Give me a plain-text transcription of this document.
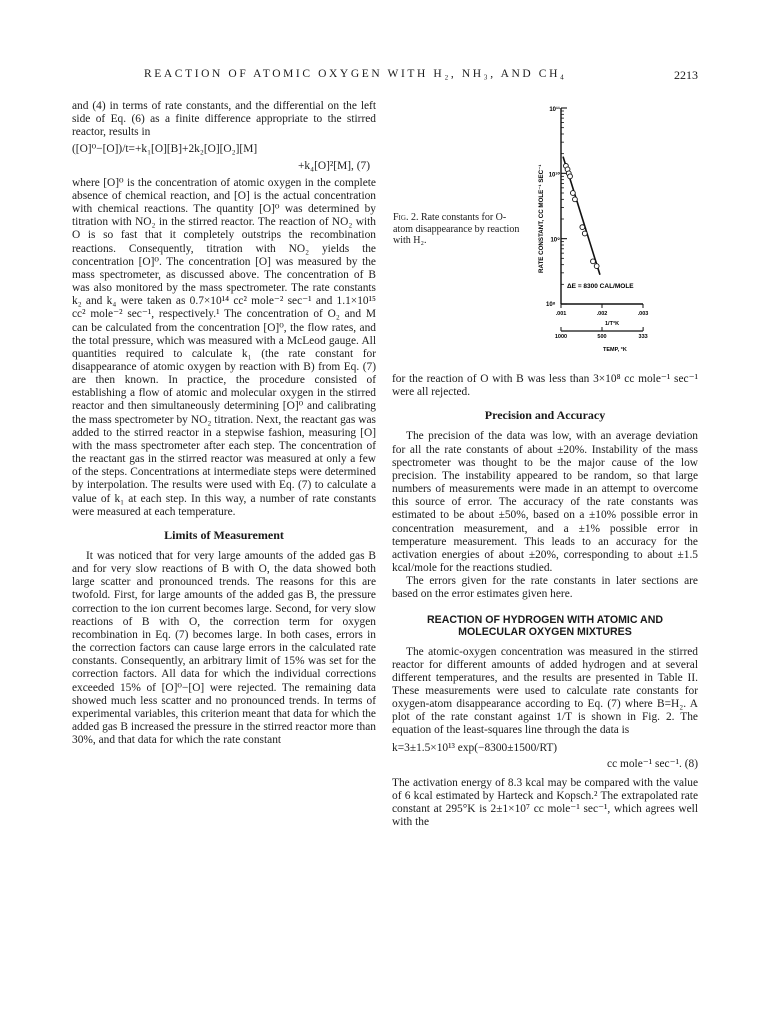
REACTION OF ATOMIC OXYGEN WITH H₂, NH₃, AND CH₄	2213

and (4) in terms of rate constants, and the differential on the left side of Eq. (6) as a finite difference appropriate to the stirred reactor, results in

([O]⁰−[O])/t=+k₁[O][B]+2k₂[O][O₂][M]
+k₄[O]²[M], (7)

where [O]⁰ is the concentration of atomic oxygen in the complete absence of chemical reaction, and [O] is the actual concentration with chemical reactions. The quantity [O]⁰ was determined by titration with NO₂ in the stirred reactor. The reaction of NO₂ with O is so fast that it completely outstrips the recombination reactions. Consequently, titration with NO₂ yields the concentration [O]⁰. The concentration [O] was measured by the mass spectrometer, as discussed above. The concentration of B was also monitored by the mass spectrometer. The rate constants k₂ and k₄ were taken as 0.7×10¹⁴ cc² mole⁻² sec⁻¹ and 1.1×10¹⁵ cc² mole⁻² sec⁻¹, respectively.¹ The concentration of O₂ and M can be calculated from the concentration [O]⁰, the flow rates, and the total pressure, which was measured with a McLeod gauge. All quantities required to calculate k₁ (the rate constant for disappearance of atomic oxygen by reaction with B) from Eq. (7) are then known. In practice, the procedure consisted of establishing a flow of atomic and molecular oxygen in the stirred reactor and then simultaneously determining [O]⁰ and calibrating the mass spectrometer by NO₂ titration. Next, the reactant gas was added to the stirred reactor in a stepwise fashion, measuring [O] with the mass spectrometer after each step. The concentration of the reactant gas in the stirred reactor was measured at only a few of the steps. Concentrations at intermediate steps were determined by interpolation. The results were used with Eq. (7) to calculate a value of k₁ at each step. In this way, a number of rate constants were measured at each temperature.

Limits of Measurement

It was noticed that for very large amounts of the added gas B and for very slow reactions of B with O, the data showed both large scatter and pronounced trends. The reasons for this are twofold. First, for large amounts of the added gas B, the pressure correction to the ion current becomes large. Second, for very slow reactions of B with O, the correction term for oxygen recombination in Eq. (7) becomes large. In both cases, errors in the correction factors can cause large errors in the calculated rate constants. Consequently, an arbitrary limit of 15% was set for the correction factors. All data for which the individual corrections exceeded 15% of [O]⁰−[O] were rejected. The remaining data showed much less scatter and no pronounced trends. In terms of experimental variables, this criterion meant that data for which the added gas B increased the pressure in the stirred reactor more than 30%, and that data for which the rate constant

Fig. 2. Rate constants for O-atom disappearance by reaction with H₂.
10¹¹
10¹⁰
10⁹
10⁸
.001	.002	.003
1000	500	333
RATE CONSTANT, CC MOLE⁻¹ SEC⁻¹
ΔE = 8300 CAL/MOLE
1/T°K
TEMP, °K

for the reaction of O with B was less than 3×10⁸ cc mole⁻¹ sec⁻¹ were all rejected.

Precision and Accuracy

The precision of the data was low, with an average deviation for all the rate constants of about ±20%. Instability of the mass spectrometer was thought to be the major cause of the low precision. The instability appeared to be random, so that large numbers of measurements were made in an attempt to overcome this source of error. The accuracy of the rate constants was estimated to be about ±50%, based on a ±10% possible error in concentration measurement, and a ±1% possible error in temperature measurement. This leads to an accuracy for the activation energies of about ±20%, corresponding to about ±1.5 kcal/mole for the reactions studied.

The errors given for the rate constants in later sections are based on the error estimates given here.

REACTION OF HYDROGEN WITH ATOMIC AND MOLECULAR OXYGEN MIXTURES

The atomic-oxygen concentration was measured in the stirred reactor for different amounts of added hydrogen and at several different temperatures, and the results are presented in Table II. These measurements were used to calculate rate constants for oxygen-atom disappearance according to Eq. (7) where B=H₂. A plot of the rate constant against 1/T is shown in Fig. 2. The equation of the least-squares line through the data is

k=3±1.5×10¹³ exp(−8300±1500/RT)
cc mole⁻¹ sec⁻¹. (8)

The activation energy of 8.3 kcal may be compared with the value of 6 kcal estimated by Harteck and Kopsch.² The extrapolated rate constant at 295°K is 2±1×10⁷ cc mole⁻¹ sec⁻¹, which agrees well with the
